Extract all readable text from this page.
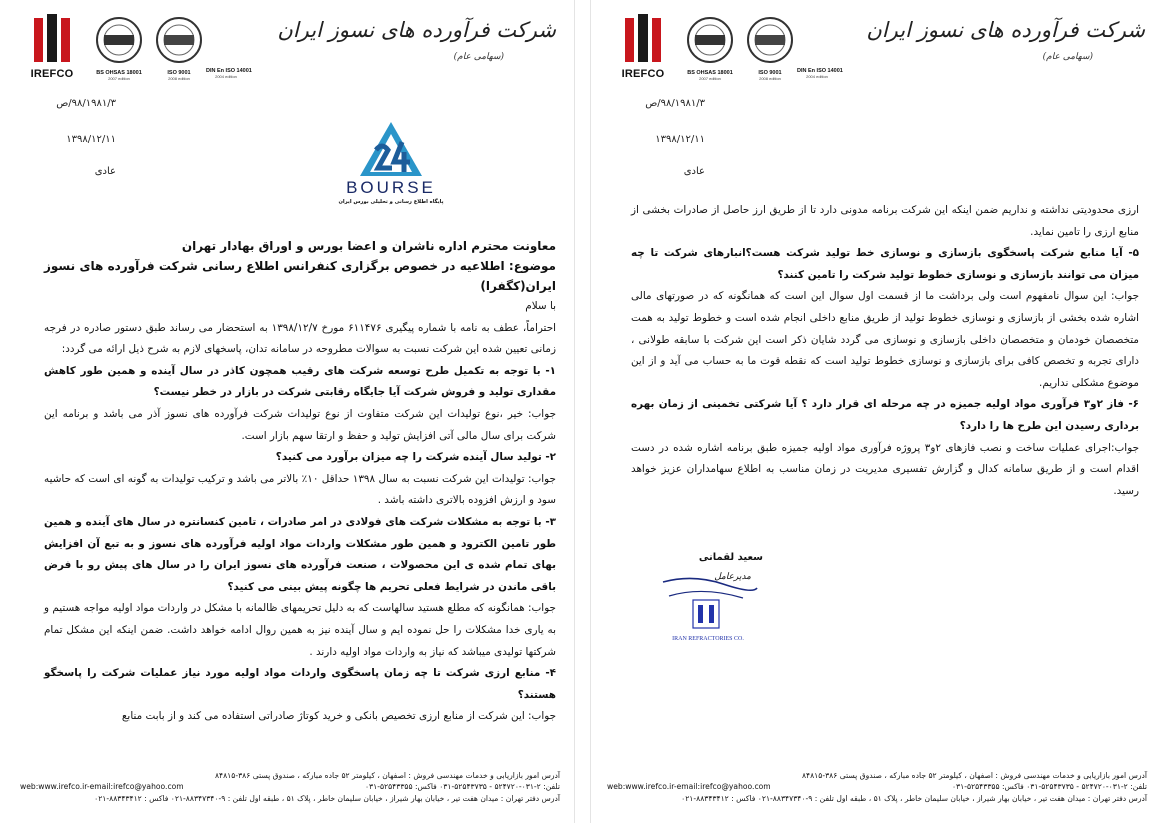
IREFCO	BS OHSAS 18001
2007 edition
ISO 9001
2008 edition
DIN En ISO 14001
2004 edition
شرکت فرآورده های نسوز ایران
(سهامی عام)
۹۸/۱۹۸۱/۳/ص
۱۳۹۸/۱۲/۱۱
عادی
BOURSE
پایگاه اطلاع رسانی و تحلیلی بورس ایران
معاونت محترم اداره ناشران و اعضا بورس و اوراق بهادار تهران
موضوع: اطلاعیه در خصوص برگزاری کنفرانس اطلاع رسانی شرکت فرآورده های نسوز ایران(کگفرا)

با سلام

احتراماً، عطف به نامه با شماره پیگیری ۶۱۱۴۷۶ مورخ ۱۳۹۸/۱۲/۷ به استحضار می رساند طبق دستور صادره در فرجه زمانی تعیین شده این شرکت نسبت به سوالات مطروحه در سامانه تدان، پاسخهای لازم به شرح ذیل ارائه می گردد:

۱- با توجه به تکمیل طرح توسعه شرکت های رقیب همچون کاذر در سال آینده و همین طور کاهش مقداری تولید و فروش شرکت آیا جایگاه رقابتی شرکت در بازار در خطر نیست؟

جواب: خیر ،نوع تولیدات این شرکت متفاوت از نوع تولیدات شرکت فرآورده های نسوز آذر می باشد و برنامه این شرکت برای سال مالی آتی افزایش تولید و حفظ و ارتقا سهم بازار است.

۲- تولید سال آینده شرکت را چه میزان برآورد می کنید؟

جواب: تولیدات این شرکت نسبت به سال ۱۳۹۸ حداقل ۱۰٪ بالاتر می باشد و ترکیب تولیدات به گونه ای است که حاشیه سود و ارزش افزوده بالاتری داشته باشد .

۳- با توجه به مشکلات شرکت های فولادی در امر صادرات ، تامین کنسانتره در سال های آینده و همین طور تامین الکترود و همین طور مشکلات واردات مواد اولیه فرآورده های نسوز و به تبع آن افزایش بهای تمام شده ی این محصولات ، صنعت فرآورده های نسوز ایران را در سال های پیش رو با فرض باقی ماندن در شرایط فعلی تحریم ها چگونه پیش بینی می کنید؟

جواب: همانگونه که مطلع هستید سالهاست که به دلیل تحریمهای ظالمانه با مشکل در واردات مواد اولیه مواجه هستیم و به یاری خدا مشکلات را حل نموده ایم و سال آینده نیز به همین روال ادامه خواهد داشت. ضمن اینکه این مشکل تمام شرکتها تولیدی میباشد که نیاز به واردات مواد اولیه دارند .

۴- منابع ارزی شرکت تا چه زمان پاسخگوی واردات مواد اولیه مورد نیاز عملیات شرکت را پاسخگو هستند؟

جواب: این شرکت از منابع ارزی تخصیص بانکی و خرید کوتاژ صادراتی استفاده می کند و از بابت منابع

آدرس امور بازاریابی و خدمات مهندسی فروش : اصفهان ، کیلومتر ۵۲ جاده مبارکه ، صندوق پستی ۳۸۶-۸۴۸۱۵
تلفن: ۲-۰۳۱-۵۲۴۷۲۰ - ۵۲۵۴۳۷۳۵-۰۳۱ فاکس: ۵۲۵۴۳۳۵۵-۰۳۱
web:www.irefco.ir-email:irefco@yahoo.com
آدرس دفتر تهران : میدان هفت تیر ، خیابان بهار شیراز ، خیابان سلیمان خاطر ، پلاک ۵۱ ، طبقه اول تلفن : ۹-۸۸۳۴۷۳۴۰-۰۲۱ فاکس : ۸۸۳۴۳۴۱۲-۰۲۱
IREFCO	BS OHSAS 18001
2007 edition
ISO 9001
2008 edition
DIN En ISO 14001
2004 edition
شرکت فرآورده های نسوز ایران
(سهامی عام)
۹۸/۱۹۸۱/۳/ص
۱۳۹۸/۱۲/۱۱
عادی

ارزی محدودیتی نداشته و نداریم ضمن اینکه این شرکت برنامه مدونی دارد تا از طریق ارز حاصل از صادرات بخشی از منابع ارزی را تامین نماید.

۵- آیا منابع شرکت پاسخگوی بازسازی و نوسازی خط تولید شرکت هست؟انبارهای شرکت تا چه میزان می توانند بازسازی و نوسازی خطوط تولید شرکت را تامین کنند؟

جواب: این سوال نامفهوم است ولی برداشت ما از قسمت اول سوال این است که همانگونه که در صورتهای مالی اشاره شده بخشی از بازسازی و نوسازی خطوط تولید از طریق منابع داخلی انجام شده است و خطوط تولید به همت متخصصان خودمان و متخصصان داخلی بازسازی و نوسازی می گردد شایان ذکر است این شرکت با سابقه طولانی ، دارای تجربه و تخصص کافی برای بازسازی و نوسازی خطوط تولید است که نقطه قوت ما به حساب می آید و از این موضوع مشکلی نداریم.

۶- فاز ۲و۳ فرآوری مواد اولیه جمیزه در چه مرحله ای قرار دارد ؟ آیا شرکتی تخمینی از زمان بهره برداری رسیدن این طرح ها را دارد؟

جواب:اجرای عملیات ساخت و نصب فازهای ۲و۳ پروژه فرآوری مواد اولیه جمیزه طبق برنامه اشاره شده در دست اقدام است و از طریق سامانه کدال و گزارش تفسیری مدیریت در زمان مناسب به اطلاع سهامداران عزیز خواهد رسید.

سعید لقمانی
مدیرعامل
IRAN REFRACTORIES CO.
آدرس امور بازاریابی و خدمات مهندسی فروش : اصفهان ، کیلومتر ۵۲ جاده مبارکه ، صندوق پستی ۳۸۶-۸۴۸۱۵
تلفن: ۲-۰۳۱-۵۲۴۷۲۰ - ۵۲۵۴۳۷۳۵-۰۳۱ فاکس: ۵۲۵۴۳۳۵۵-۰۳۱
web:www.irefco.ir-email:irefco@yahoo.com
آدرس دفتر تهران : میدان هفت تیر ، خیابان بهار شیراز ، خیابان سلیمان خاطر ، پلاک ۵۱ ، طبقه اول تلفن : ۹-۸۸۳۴۷۳۴۰-۰۲۱ فاکس : ۸۸۳۴۳۴۱۲-۰۲۱
